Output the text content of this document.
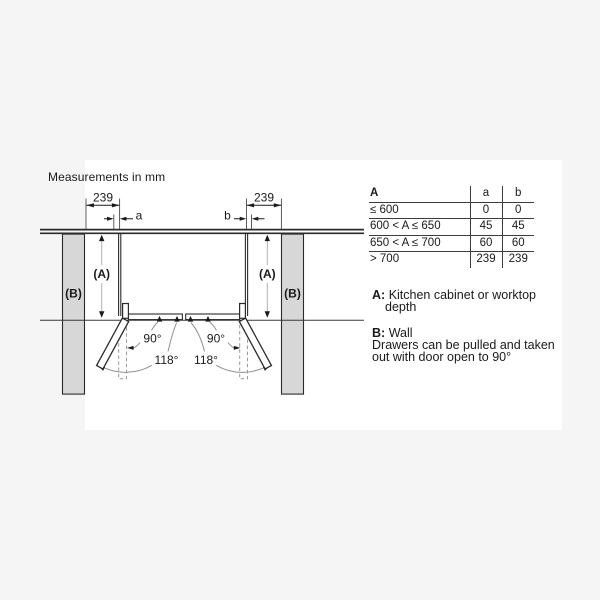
239	239
a	b
(A)	(A)
(B)	(B)
90°	90°
118° 118°
Measurements in mm
A	a	b
≤ 600	0	0
600 < A ≤ 650	45	45
650 < A ≤ 700	60	60
> 700	239	239

A: Kitchen cabinet or worktop depth

B: Wall
Drawers can be pulled and taken out with door open to 90°
